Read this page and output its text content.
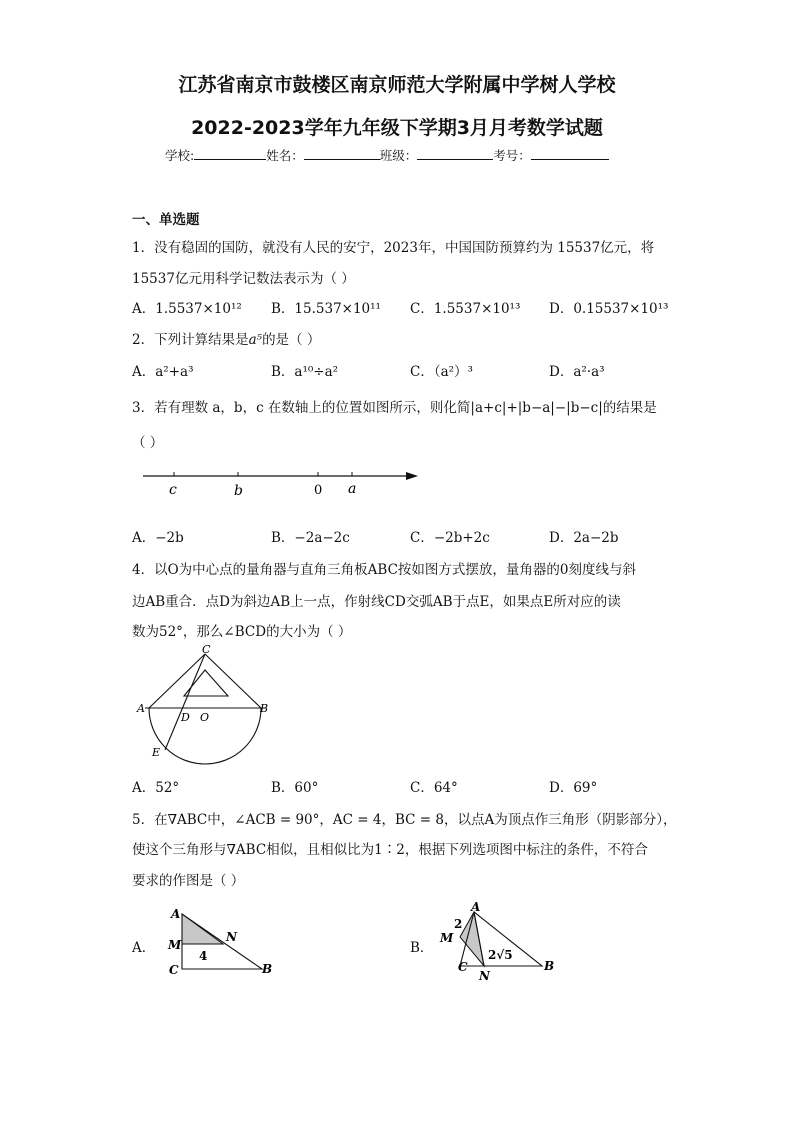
江苏省南京市鼓楼区南京师范大学附属中学树人学校
2022-2023学年九年级下学期3月月考数学试题
学校:	姓名：	班级：	考号：
一、单选题
1．没有稳固的国防，就没有人民的安宁，2023年，中国国防预算约为 15537亿元，将
15537亿元用科学记数法表示为（ ）
A．1.5537×10¹² B．15.537×10¹¹ C．1.5537×10¹³ D．0.15537×10¹³
2．下列计算结果是a⁵的是（ ）
A．a²+a³	B．a¹⁰÷a²	C．（a²）³	D．a²·a³
3．若有理数 a，b，c 在数轴上的位置如图所示，则化简|a+c|+|b−a|−|b−c|的结果是
（ ）
c	b	0 a
A．−2b	B．−2a−2c	C．−2b+2c	D．2a−2b
4．以O为中心点的量角器与直角三角板ABC按如图方式摆放，量角器的0刻度线与斜
边AB重合．点D为斜边AB上一点，作射线CD交弧AB于点E，如果点E所对应的读
数为52°，那么∠BCD的大小为（ ）
C
A	B
D O
E
A．52°	B．60°	C．64°	D．69°
5．在∇ABC中，∠ACB = 90°，AC = 4，BC = 8，以点A为顶点作三角形（阴影部分），
使这个三角形与∇ABC相似，且相似比为1∶2，根据下列选项图中标注的条件，不符合
要求的作图是（ ）
A．
A
M
N
C	B
4	B．
A
M
2
C
N
B
2√5
